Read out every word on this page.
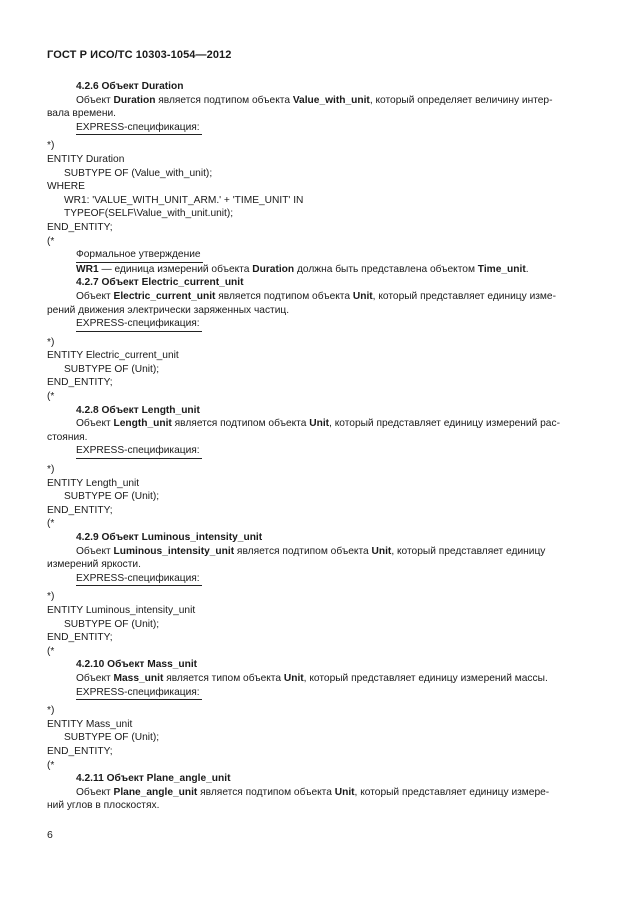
ГОСТ Р ИСО/ТС 10303-1054—2012

4.2.6 Объект Duration

Объект Duration является подтипом объекта Value_with_unit, который определяет величину интер-

вала времени.

EXPRESS-спецификация:

*)

ENTITY Duration

SUBTYPE OF (Value_with_unit);

WHERE

WR1: 'VALUE_WITH_UNIT_ARM.' + 'TIME_UNIT' IN

TYPEOF(SELF\Value_with_unit.unit);

END_ENTITY;

(*

Формальное утверждение

WR1 — единица измерений объекта Duration должна быть представлена объектом Time_unit.

4.2.7 Объект Electric_current_unit

Объект Electric_current_unit является подтипом объекта Unit, который представляет единицу изме-

рений движения электрически заряженных частиц.

EXPRESS-спецификация:

*)

ENTITY Electric_current_unit

SUBTYPE OF (Unit);

END_ENTITY;

(*

4.2.8 Объект Length_unit

Объект Length_unit является подтипом объекта Unit, который представляет единицу измерений рас-

стояния.

EXPRESS-спецификация:

*)

ENTITY Length_unit

SUBTYPE OF (Unit);

END_ENTITY;

(*

4.2.9 Объект Luminous_intensity_unit

Объект Luminous_intensity_unit является подтипом объекта Unit, который представляет единицу

измерений яркости.

EXPRESS-спецификация:

*)

ENTITY Luminous_intensity_unit

SUBTYPE OF (Unit);

END_ENTITY;

(*

4.2.10 Объект Mass_unit

Объект Mass_unit является типом объекта Unit, который представляет единицу измерений массы.

EXPRESS-спецификация:

*)

ENTITY Mass_unit

SUBTYPE OF (Unit);

END_ENTITY;

(*

4.2.11 Объект Plane_angle_unit

Объект Plane_angle_unit является подтипом объекта Unit, который представляет единицу измере-

ний углов в плоскостях.

6
